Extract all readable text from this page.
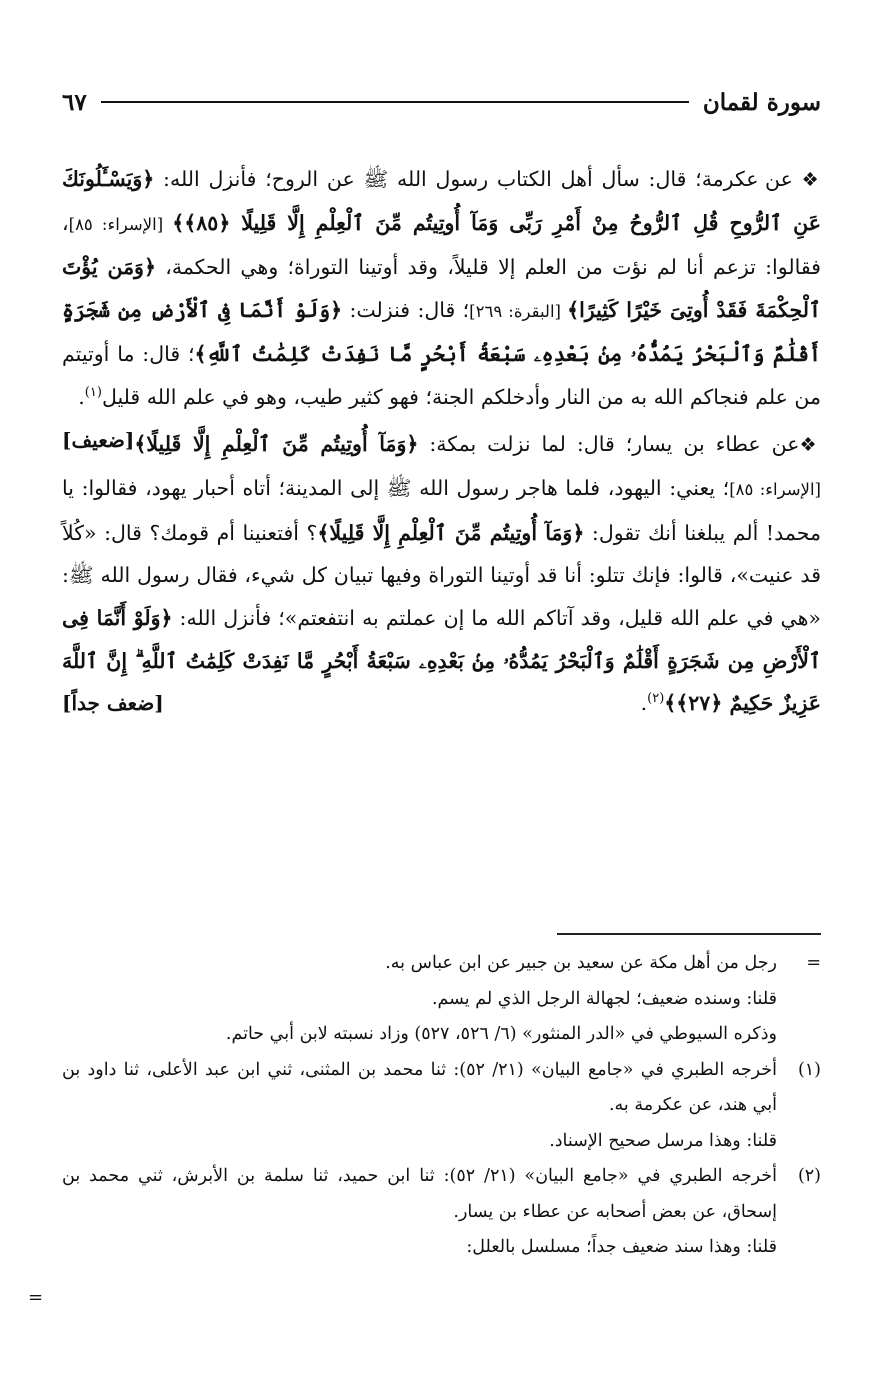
سورة لقمان
٦٧

❖ عن عكرمة؛ قال: سأل أهل الكتاب رسول الله ﷺ عن الروح؛ فأنزل الله: ﴿وَيَسْـَٔلُونَكَ عَنِ ٱلرُّوحِ قُلِ ٱلرُّوحُ مِنْ أَمْرِ رَبِّى وَمَآ أُوتِيتُم مِّنَ ٱلْعِلْمِ إِلَّا قَلِيلًا ﴿٨٥﴾﴾ [الإسراء: ٨٥]، فقالوا: تزعم أنا لم نؤت من العلم إلا قليلاً، وقد أوتينا التوراة؛ وهي الحكمة، ﴿وَمَن يُؤْتَ ٱلْحِكْمَةَ فَقَدْ أُوتِىَ خَيْرًا كَثِيرًا﴾ [البقرة: ٢٦٩]؛ قال: فنزلت: ﴿وَلَوْ أَنَّمَا فِى ٱلْأَرْضِ مِن شَجَرَةٍ أَقْلَٰمٌ وَٱلْبَحْرُ يَمُدُّهُۥ مِنۢ بَعْدِهِۦ سَبْعَةُ أَبْحُرٍ مَّا نَفِدَتْ كَلِمَٰتُ ٱللَّهِ﴾؛ قال: ما أوتيتم من علم فنجاكم الله به من النار وأدخلكم الجنة؛ فهو كثير طيب، وهو في علم الله قليل$^{(١)}$.
[ضعيف]	❖عن عطاء بن يسار؛ قال: لما نزلت بمكة: ﴿وَمَآ أُوتِيتُم مِّنَ ٱلْعِلْمِ إِلَّا قَلِيلًا﴾ [الإسراء: ٨٥]؛ يعني: اليهود، فلما هاجر رسول الله ﷺ إلى المدينة؛ أتاه أحبار يهود، فقالوا: يا محمد! ألم يبلغنا أنك تقول: ﴿وَمَآ أُوتِيتُم مِّنَ ٱلْعِلْمِ إِلَّا قَلِيلًا﴾؟ أفتعنينا أم قومك؟ قال: «كُلاً قد عنيت»، قالوا: فإنك تتلو: أنا قد أوتينا التوراة وفيها تبيان كل شيء، فقال رسول الله ﷺ: «هي في علم الله قليل، وقد آتاكم الله ما إن عملتم به انتفعتم»؛ فأنزل الله: ﴿وَلَوْ أَنَّمَا فِى ٱلْأَرْضِ مِن شَجَرَةٍ أَقْلَٰمٌ وَٱلْبَحْرُ يَمُدُّهُۥ مِنۢ بَعْدِهِۦ سَبْعَةُ أَبْحُرٍ مَّا نَفِدَتْ كَلِمَٰتُ ٱللَّهِ ۗ إِنَّ ٱللَّهَ عَزِيزٌ حَكِيمٌ ﴿٢٧﴾﴾$^{(٢)}$.
[ضعف جداً]

=
رجل من أهل مكة عن سعيد بن جبير عن ابن عباس به.
قلنا: وسنده ضعيف؛ لجهالة الرجل الذي لم يسم.
وذكره السيوطي في «الدر المنثور» (٦/ ٥٢٦، ٥٢٧) وزاد نسبته لابن أبي حاتم.
(١)
أخرجه الطبري في «جامع البيان» (٢١/ ٥٢): ثنا محمد بن المثنى، ثني ابن عبد الأعلى، ثنا داود بن أبي هند، عن عكرمة به.
قلنا: وهذا مرسل صحيح الإسناد.
(٢)
أخرجه الطبري في «جامع البيان» (٢١/ ٥٢): ثنا ابن حميد، ثنا سلمة بن الأبرش، ثني محمد بن إسحاق، عن بعض أصحابه عن عطاء بن يسار.
قلنا: وهذا سند ضعيف جداً؛ مسلسل بالعلل:
=
